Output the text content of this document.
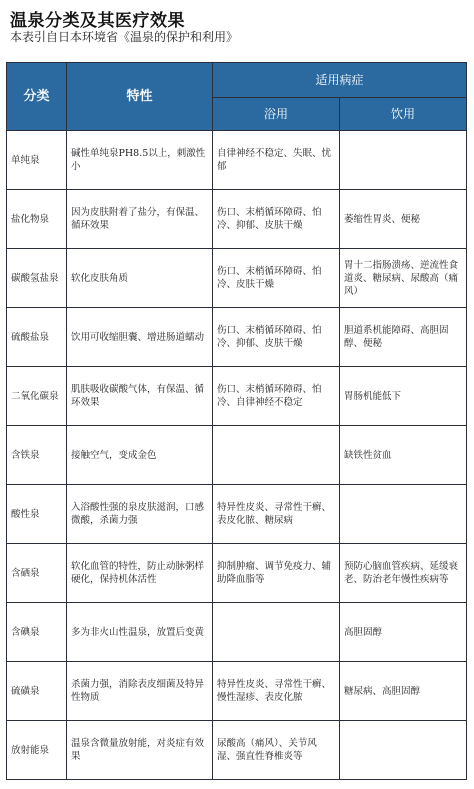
温泉分类及其医疗效果
本表引自日本环境省《温泉的保护和利用》
分类	特性	适用病症	
		浴用	饮用
单纯泉	碱性单纯泉PH8.5以上，刺激性小	自律神经不稳定、失眠、忧郁	
盐化物泉	因为皮肤附着了盐分，有保温、循环效果	伤口、末梢循环障碍、怕冷、抑郁、皮肤干燥	萎缩性胃炎、便秘
碳酸氢盐泉	软化皮肤角质	伤口、末梢循环障碍、怕冷、皮肤干燥	胃十二指肠溃疡、逆流性食道炎、糖尿病、尿酸高（痛风）
硫酸盐泉	饮用可收缩胆囊、增进肠道蠕动	伤口、末梢循环障碍、怕冷、抑郁、皮肤干燥	胆道系机能障碍、高胆固醇、便秘
二氧化碳泉	肌肤吸收碳酸气体，有保温、循环效果	伤口、末梢循环障碍、怕冷、自律神经不稳定	胃肠机能低下
含铁泉	接触空气，变成金色		缺铁性贫血
酸性泉	入浴酸性强的泉皮肤滋润，口感微酸，杀菌力强	特异性皮炎、寻常性干癣、表皮化脓、糖尿病	
含硒泉	软化血管的特性，防止动脉粥样硬化，保持机体活性	抑制肿瘤、调节免疫力、辅助降血脂等	预防心脑血管疾病、延缓衰老、防治老年慢性疾病等
含碘泉	多为非火山性温泉，放置后变黄		高胆固醇
硫磺泉	杀菌力强，消除表皮细菌及特异性物质	特异性皮炎、寻常性干癣、慢性湿疹、表皮化脓	糖尿病、高胆固醇
放射能泉	温泉含微量放射能，对炎症有效果	尿酸高（痛风）、关节风湿、强直性脊椎炎等	
